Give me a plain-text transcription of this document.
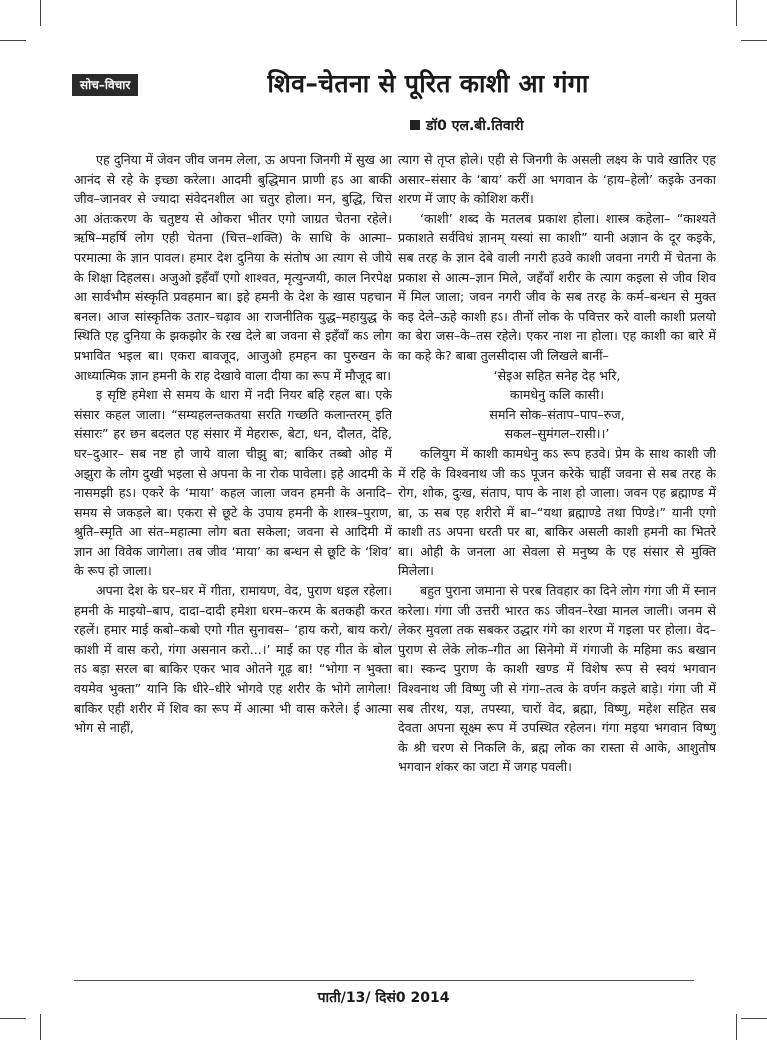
सोच–विचार	शिव–चेतना से पूरित काशी आ गंगा
डॉ0 एल.बी.तिवारी

एह दुनिया में जेवन जीव जनम लेला, ऊ अपना जिनगी में सुख आ आनंद से रहे के इच्छा करेला। आदमी बुद्धिमान प्राणी हऽ आ बाकी जीव–जानवर से ज्यादा संवेदनशील आ चतुर होला। मन, बुद्धि, चित्त आ अंतःकरण के चतुष्टय से ओकरा भीतर एगो जाग्रत चेतना रहेले। ऋषि–महर्षि लोग एही चेतना (चित्त–शक्ति) के साधि के आत्मा–परमात्मा के ज्ञान पावल। हमार देश दुनिया के संतोष आ त्याग से जीये के शिक्षा दिहलस। अजुओ इहँवाँ एगो शाश्वत, मृत्युन्जयी, काल निरपेक्ष आ सार्वभौम संस्कृति प्रवहमान बा। इहे हमनी के देश के खास पहचान बनल। आज सांस्कृतिक उतार–चढ़ाव आ राजनीतिक युद्ध–महायुद्ध के स्थिति एह दुनिया के झकझोर के रख देले बा जवना से इहँवाँ कऽ लोग प्रभावित भइल बा। एकरा बावजूद, आजुओ हमहन का पुरुखन के आध्यात्मिक ज्ञान हमनी के राह देखावे वाला दीया का रूप में मौजूद बा।

इ सृष्टि हमेशा से समय के धारा में नदी नियर बहि रहल बा। एके संसार कहल जाला। “सम्यहलन्तकतया सरति गच्छति कलान्तरम् इति संसारः” हर छन बदलत एह संसार में मेहरारू, बेटा, धन, दौलत, देहि, घर–दुआर– सब नष्ट हो जाये वाला चीझु बा; बाकिर तब्बो ओह में अझुरा के लोग दुखी भइला से अपना के ना रोक पावेला। इहे आदमी के नासमझी हऽ। एकरे के ‘माया’ कहल जाला जवन हमनी के अनादि–समय से जकड़ले बा। एकरा से छूटे के उपाय हमनी के शास्त्र–पुराण, श्रुति–स्मृति आ संत–महात्मा लोग बता सकेला; जवना से आदिमी में ज्ञान आ विवेक जागेला। तब जीव ‘माया’ का बन्धन से छूटि के ‘शिव’ के रूप हो जाला।

अपना देश के घर–घर में गीता, रामायण, वेद, पुराण धइल रहेला। हमनी के माइयो–बाप, दादा–दादी हमेशा धरम–करम के बतकही करत रहलें। हमार माई कबो–कबो एगो गीत सुनावस– ‘हाय करो, बाय करो/काशी में वास करो, गंगा असनान करो...।’ माई का एह गीत के बोल तऽ बड़ा सरल बा बाकिर एकर भाव ओतने गूढ़ बा! “भोगा न भुक्ता वयमेव भुक्ता” यानि कि धीरे–धीरे भोगवे एह शरीर के भोगे लागेला! बाकिर एही शरीर में शिव का रूप में आत्मा भी वास करेले। ई आत्मा भोग से नाहीं,

त्याग से तृप्त होले। एही से जिनगी के असली लक्ष्य के पावे खातिर एह असार–संसार के ‘बाय’ करीं आ भगवान के ‘हाय–हेलो’ कइके उनका शरण में जाए के कोशिश करीं।

‘काशी’ शब्द के मतलब प्रकाश होला। शास्त्र कहेला– “काश्यते प्रकाशते सर्वविधं ज्ञानम् यस्यां सा काशी” यानी अज्ञान के दूर कइके, सब तरह के ज्ञान देबे वाली नगरी हउवे काशी जवना नगरी में चेतना के प्रकाश से आत्म–ज्ञान मिले, जहँवाँ शरीर के त्याग कइला से जीव शिव में मिल जाला; जवन नगरी जीव के सब तरह के कर्म–बन्धन से मुक्त कइ देले–ऊहे काशी हऽ। तीनों लोक के पवित्तर करे वाली काशी प्रलयो का बेरा जस–के–तस रहेले। एकर नाश ना होला। एह काशी का बारे में का कहे के? बाबा तुलसीदास जी लिखले बानीं–

‘सेइअ सहित सनेह देह भरि,
कामधेनु कलि कासी।
समनि सोक–संताप–पाप–रुज,
सकल–सुमंगल–रासी।।’

कलियुग में काशी कामधेनु कऽ रूप हउवे। प्रेम के साथ काशी जी में रहि के विश्वनाथ जी कऽ पूजन करेके चाहीं जवना से सब तरह के रोग, शोक, दुःख, संताप, पाप के नाश हो जाला। जवन एह ब्रह्माण्ड में बा, ऊ सब एह शरीरो में बा–“यथा ब्रह्माण्डे तथा पिण्डे।” यानी एगो काशी तऽ अपना धरती पर बा, बाकिर असली काशी हमनी का भितरे बा। ओही के जनला आ सेवला से मनुष्य के एह संसार से मुक्ति मिलेला।

बहुत पुराना जमाना से परब तिवहार का दिने लोग गंगा जी में स्नान करेला। गंगा जी उत्तरी भारत कऽ जीवन–रेखा मानल जाली। जनम से लेकर मुवला तक सबकर उद्धार गंगे का शरण में गइला पर होला। वेद–पुराण से लेके लोक–गीत आ सिनेमो में गंगाजी के महिमा कऽ बखान बा। स्कन्द पुराण के काशी खण्ड में विशेष रूप से स्वयं भगवान विश्वनाथ जी विष्णु जी से गंगा–तत्व के वर्णन कइले बाड़े। गंगा जी में सब तीरथ, यज्ञ, तपस्या, चारों वेद, ब्रह्मा, विष्णु, महेश सहित सब देवता अपना सूक्ष्म रूप में उपस्थित रहेलन। गंगा मइया भगवान विष्णु के श्री चरण से निकलि के, ब्रह्म लोक का रास्ता से आके, आशुतोष भगवान शंकर का जटा में जगह पवली।

पाती/13/ दिसं0 2014
